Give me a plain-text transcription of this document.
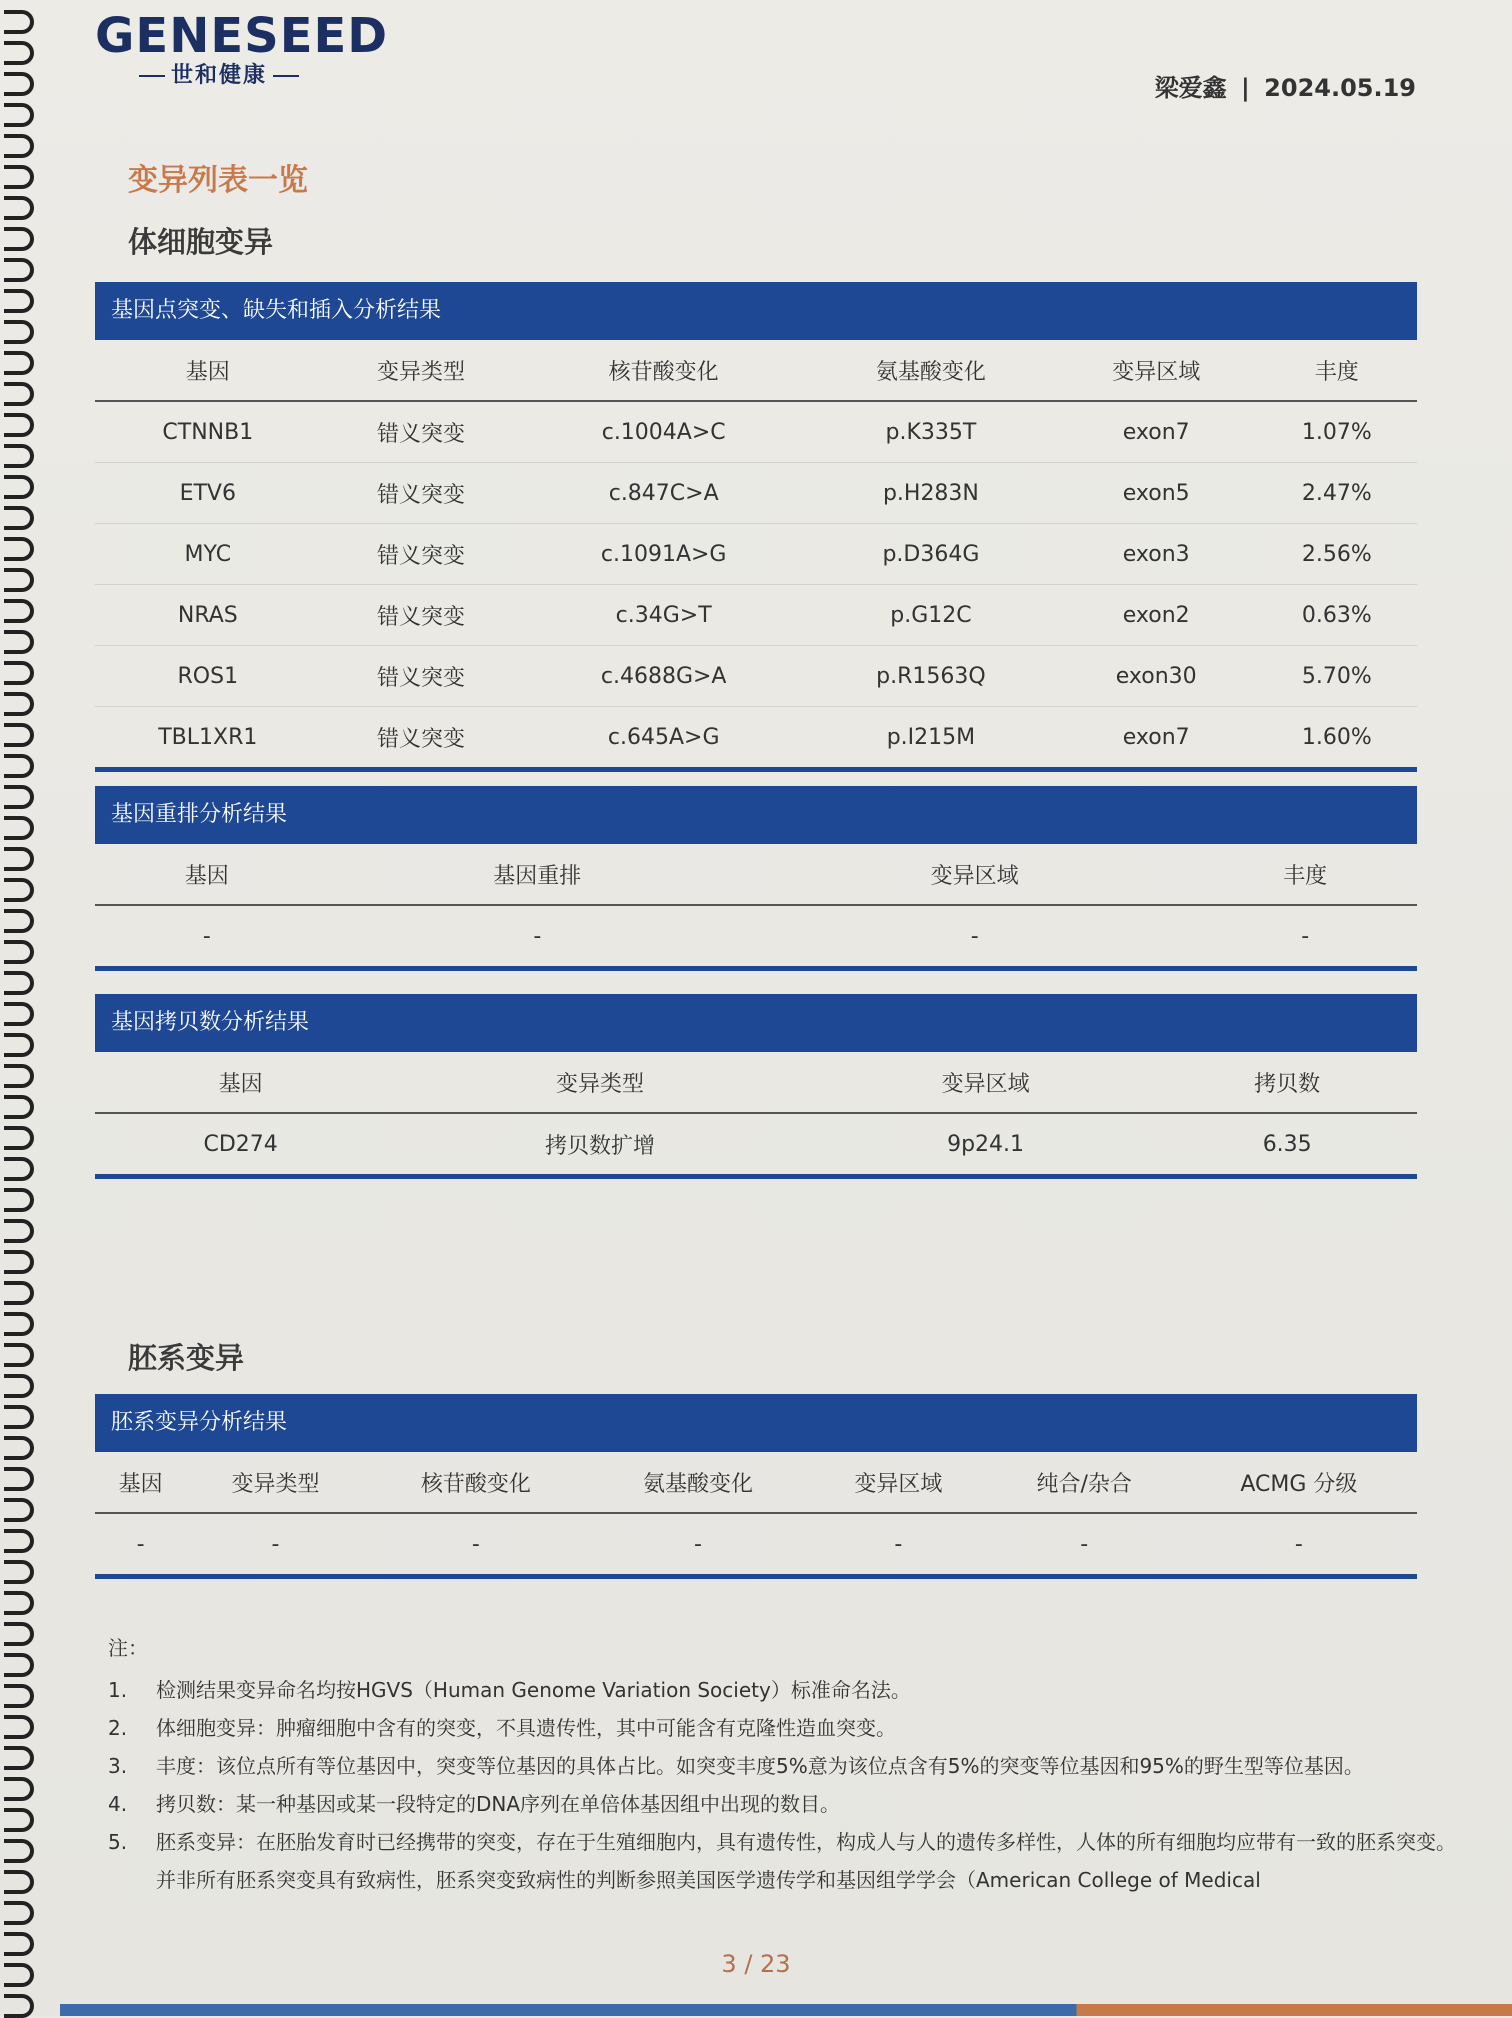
GENESEED
世和健康	梁爱鑫 | 2024.05.19
变异列表一览
体细胞变异
基因点突变、缺失和插入分析结果
基因	变异类型	核苷酸变化	氨基酸变化	变异区域	丰度
CTNNB1	错义突变	c.1004A>C	p.K335T	exon7	1.07%
ETV6	错义突变	c.847C>A	p.H283N	exon5	2.47%
MYC	错义突变	c.1091A>G	p.D364G	exon3	2.56%
NRAS	错义突变	c.34G>T	p.G12C	exon2	0.63%
ROS1	错义突变	c.4688G>A	p.R1563Q	exon30	5.70%
TBL1XR1	错义突变	c.645A>G	p.I215M	exon7	1.60%
基因重排分析结果
基因	基因重排	变异区域	丰度
-	-	-	-
基因拷贝数分析结果
基因	变异类型	变异区域	拷贝数
CD274	拷贝数扩增	9p24.1	6.35
胚系变异
胚系变异分析结果
基因	变异类型	核苷酸变化	氨基酸变化	变异区域	纯合/杂合	ACMG 分级
-	-	-	-	-	-	-
注：
1.	检测结果变异命名均按HGVS（Human Genome Variation Society）标准命名法。
2.	体细胞变异：肿瘤细胞中含有的突变，不具遗传性，其中可能含有克隆性造血突变。
3.	丰度：该位点所有等位基因中，突变等位基因的具体占比。如突变丰度5%意为该位点含有5%的突变等位基因和95%的野生型等位基因。
4.	拷贝数：某一种基因或某一段特定的DNA序列在单倍体基因组中出现的数目。
5.	胚系变异：在胚胎发育时已经携带的突变，存在于生殖细胞内，具有遗传性，构成人与人的遗传多样性，人体的所有细胞均应带有一致的胚系突变。并非所有胚系突变具有致病性，胚系突变致病性的判断参照美国医学遗传学和基因组学学会（American College of Medical
3 / 23
